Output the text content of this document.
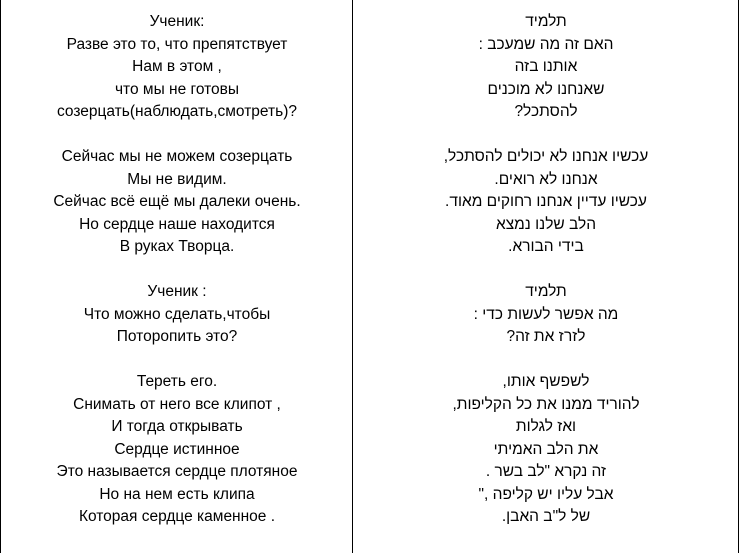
Ученик:
Разве это то, что препятствует
Нам в этом ,
что мы не готовы
созерцать(наблюдать,смотреть)?
Сейчас мы не можем созерцать
Мы не видим.
Сейчас всё ещё мы далеки очень.
Но сердце наше находится
В руках Творца.
Ученик :
Что можно сделать,чтобы
Поторопить это?
Тереть его.
Снимать от него все клипот ,
И тогда открывать
Сердце истинное
Это называется сердце плотяное
Но на нем есть клипа
Которая сердце каменное .
תלמיד
האם זה מה שמעכב :
אותנו בזה
שאנחנו לא מוכנים
להסתכל?
עכשיו אנחנו לא יכולים להסתכל,
אנחנו לא רואים.
עכשיו עדיין אנחנו רחוקים מאוד.
הלב שלנו נמצא
בידי הבורא.
תלמיד
מה אפשר לעשות כדי :
לזרז את זה?
לשפשף אותו,
להוריד ממנו את כל הקליפות,
ואז לגלות
את הלב האמיתי
זה נקרא "לב בשר .
אבל עליו יש קליפה ,"
של ל"ב האבן.
